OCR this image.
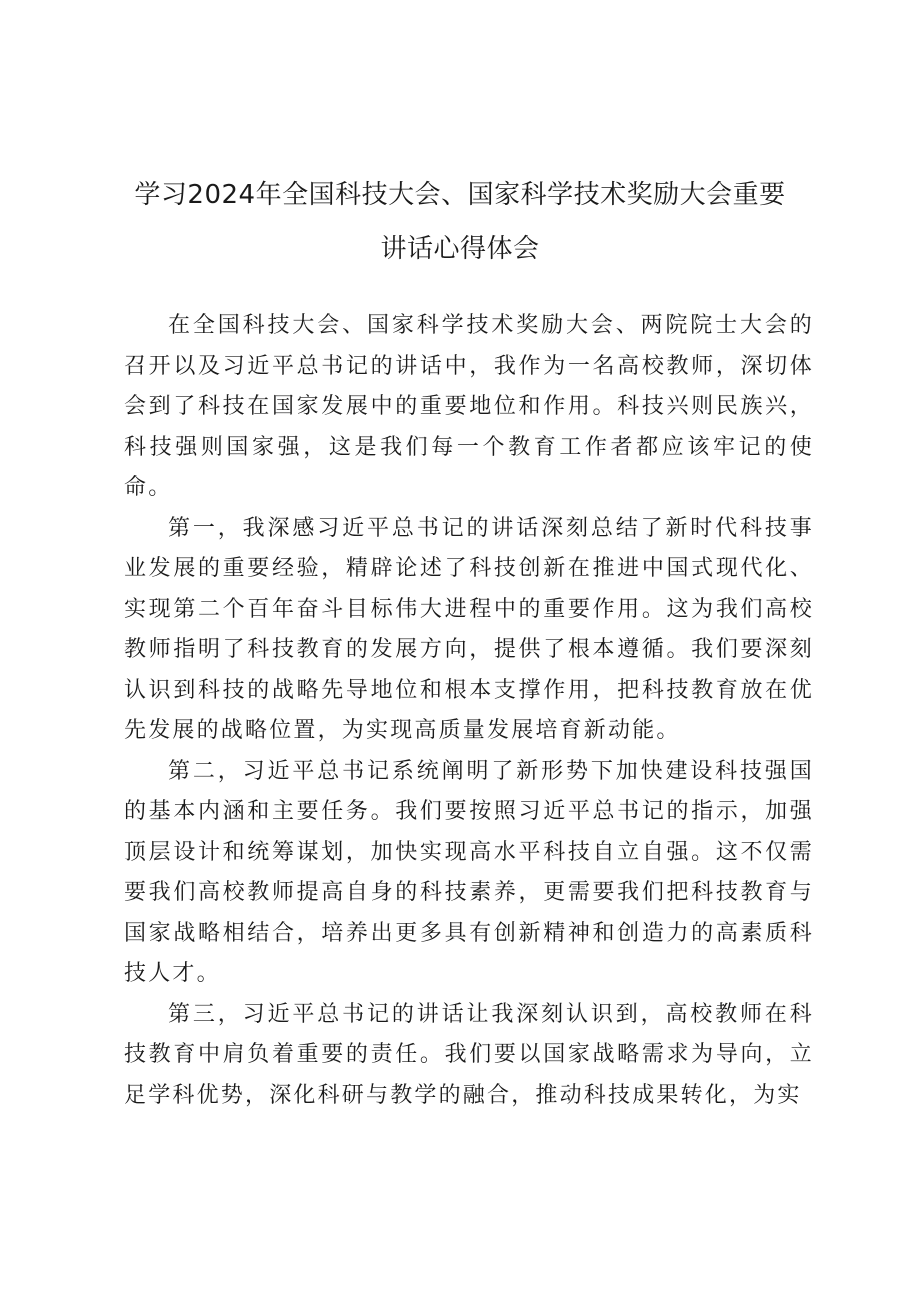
学习2024年全国科技大会、国家科学技术奖励大会重要
讲话心得体会

在全国科技大会、国家科学技术奖励大会、两院院士大会的召开以及习近平总书记的讲话中，我作为一名高校教师，深切体会到了科技在国家发展中的重要地位和作用。科技兴则民族兴，科技强则国家强，这是我们每一个教育工作者都应该牢记的使命。

第一，我深感习近平总书记的讲话深刻总结了新时代科技事业发展的重要经验，精辟论述了科技创新在推进中国式现代化、实现第二个百年奋斗目标伟大进程中的重要作用。这为我们高校教师指明了科技教育的发展方向，提供了根本遵循。我们要深刻认识到科技的战略先导地位和根本支撑作用，把科技教育放在优先发展的战略位置，为实现高质量发展培育新动能。

第二，习近平总书记系统阐明了新形势下加快建设科技强国的基本内涵和主要任务。我们要按照习近平总书记的指示，加强顶层设计和统筹谋划，加快实现高水平科技自立自强。这不仅需要我们高校教师提高自身的科技素养，更需要我们把科技教育与国家战略相结合，培养出更多具有创新精神和创造力的高素质科技人才。

第三，习近平总书记的讲话让我深刻认识到，高校教师在科技教育中肩负着重要的责任。我们要以国家战略需求为导向，立足学科优势，深化科研与教学的融合，推动科技成果转化，为实
